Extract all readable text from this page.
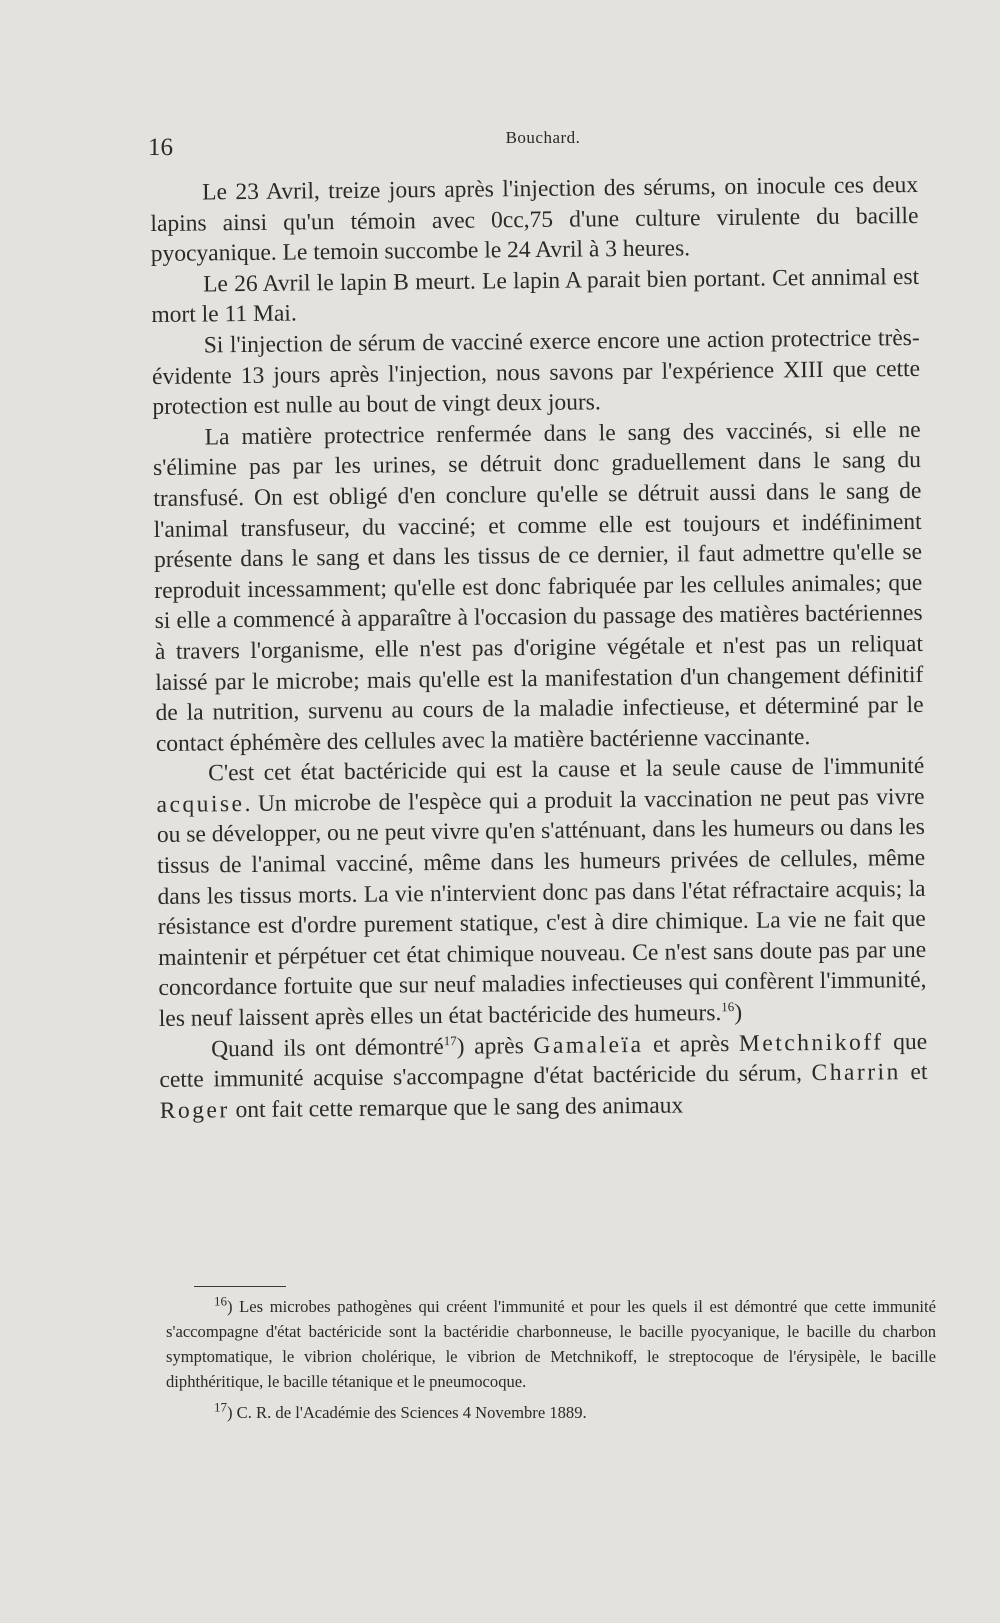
16	Bouchard.

Le 23 Avril, treize jours après l'injection des sérums, on inocule ces deux lapins ainsi qu'un témoin avec 0cc,75 d'une culture virulente du bacille pyocyanique. Le temoin succombe le 24 Avril à 3 heures.

Le 26 Avril le lapin B meurt. Le lapin A parait bien portant. Cet annimal est mort le 11 Mai.

Si l'injection de sérum de vacciné exerce encore une action protectrice très-évidente 13 jours après l'injection, nous savons par l'expérience XIII que cette protection est nulle au bout de vingt deux jours.

La matière protectrice renfermée dans le sang des vaccinés, si elle ne s'élimine pas par les urines, se détruit donc graduellement dans le sang du transfusé. On est obligé d'en conclure qu'elle se détruit aussi dans le sang de l'animal transfuseur, du vacciné; et comme elle est toujours et indéfiniment présente dans le sang et dans les tissus de ce dernier, il faut admettre qu'elle se reproduit incessamment; qu'elle est donc fabriquée par les cellules animales; que si elle a commencé à apparaître à l'occasion du passage des matières bactériennes à travers l'organisme, elle n'est pas d'origine végétale et n'est pas un reliquat laissé par le microbe; mais qu'elle est la manifestation d'un changement définitif de la nutrition, survenu au cours de la maladie infectieuse, et déterminé par le contact éphémère des cellules avec la matière bactérienne vaccinante.

C'est cet état bactéricide qui est la cause et la seule cause de l'immunité acquise. Un microbe de l'espèce qui a produit la vaccination ne peut pas vivre ou se développer, ou ne peut vivre qu'en s'atténuant, dans les humeurs ou dans les tissus de l'animal vacciné, même dans les humeurs privées de cellules, même dans les tissus morts. La vie n'intervient donc pas dans l'état réfractaire acquis; la résistance est d'ordre purement statique, c'est à dire chimique. La vie ne fait que maintenir et pérpétuer cet état chimique nouveau. Ce n'est sans doute pas par une concordance fortuite que sur neuf maladies infectieuses qui confèrent l'immunité, les neuf laissent après elles un état bactéricide des humeurs.$^{16}$)

Quand ils ont démontré$^{17}$) après Gamaleïa et après Metchnikoff que cette immunité acquise s'accompagne d'état bactéricide du sérum, Charrin et Roger ont fait cette remarque que le sang des animaux

$^{16}$) Les microbes pathogènes qui créent l'immunité et pour les quels il est démontré que cette immunité s'accompagne d'état bactéricide sont la bactéridie charbonneuse, le bacille pyocyanique, le bacille du charbon symptomatique, le vibrion cholérique, le vibrion de Metchnikoff, le streptocoque de l'érysipèle, le bacille diphthéritique, le bacille tétanique et le pneumocoque.

$^{17}$) C. R. de l'Académie des Sciences 4 Novembre 1889.
